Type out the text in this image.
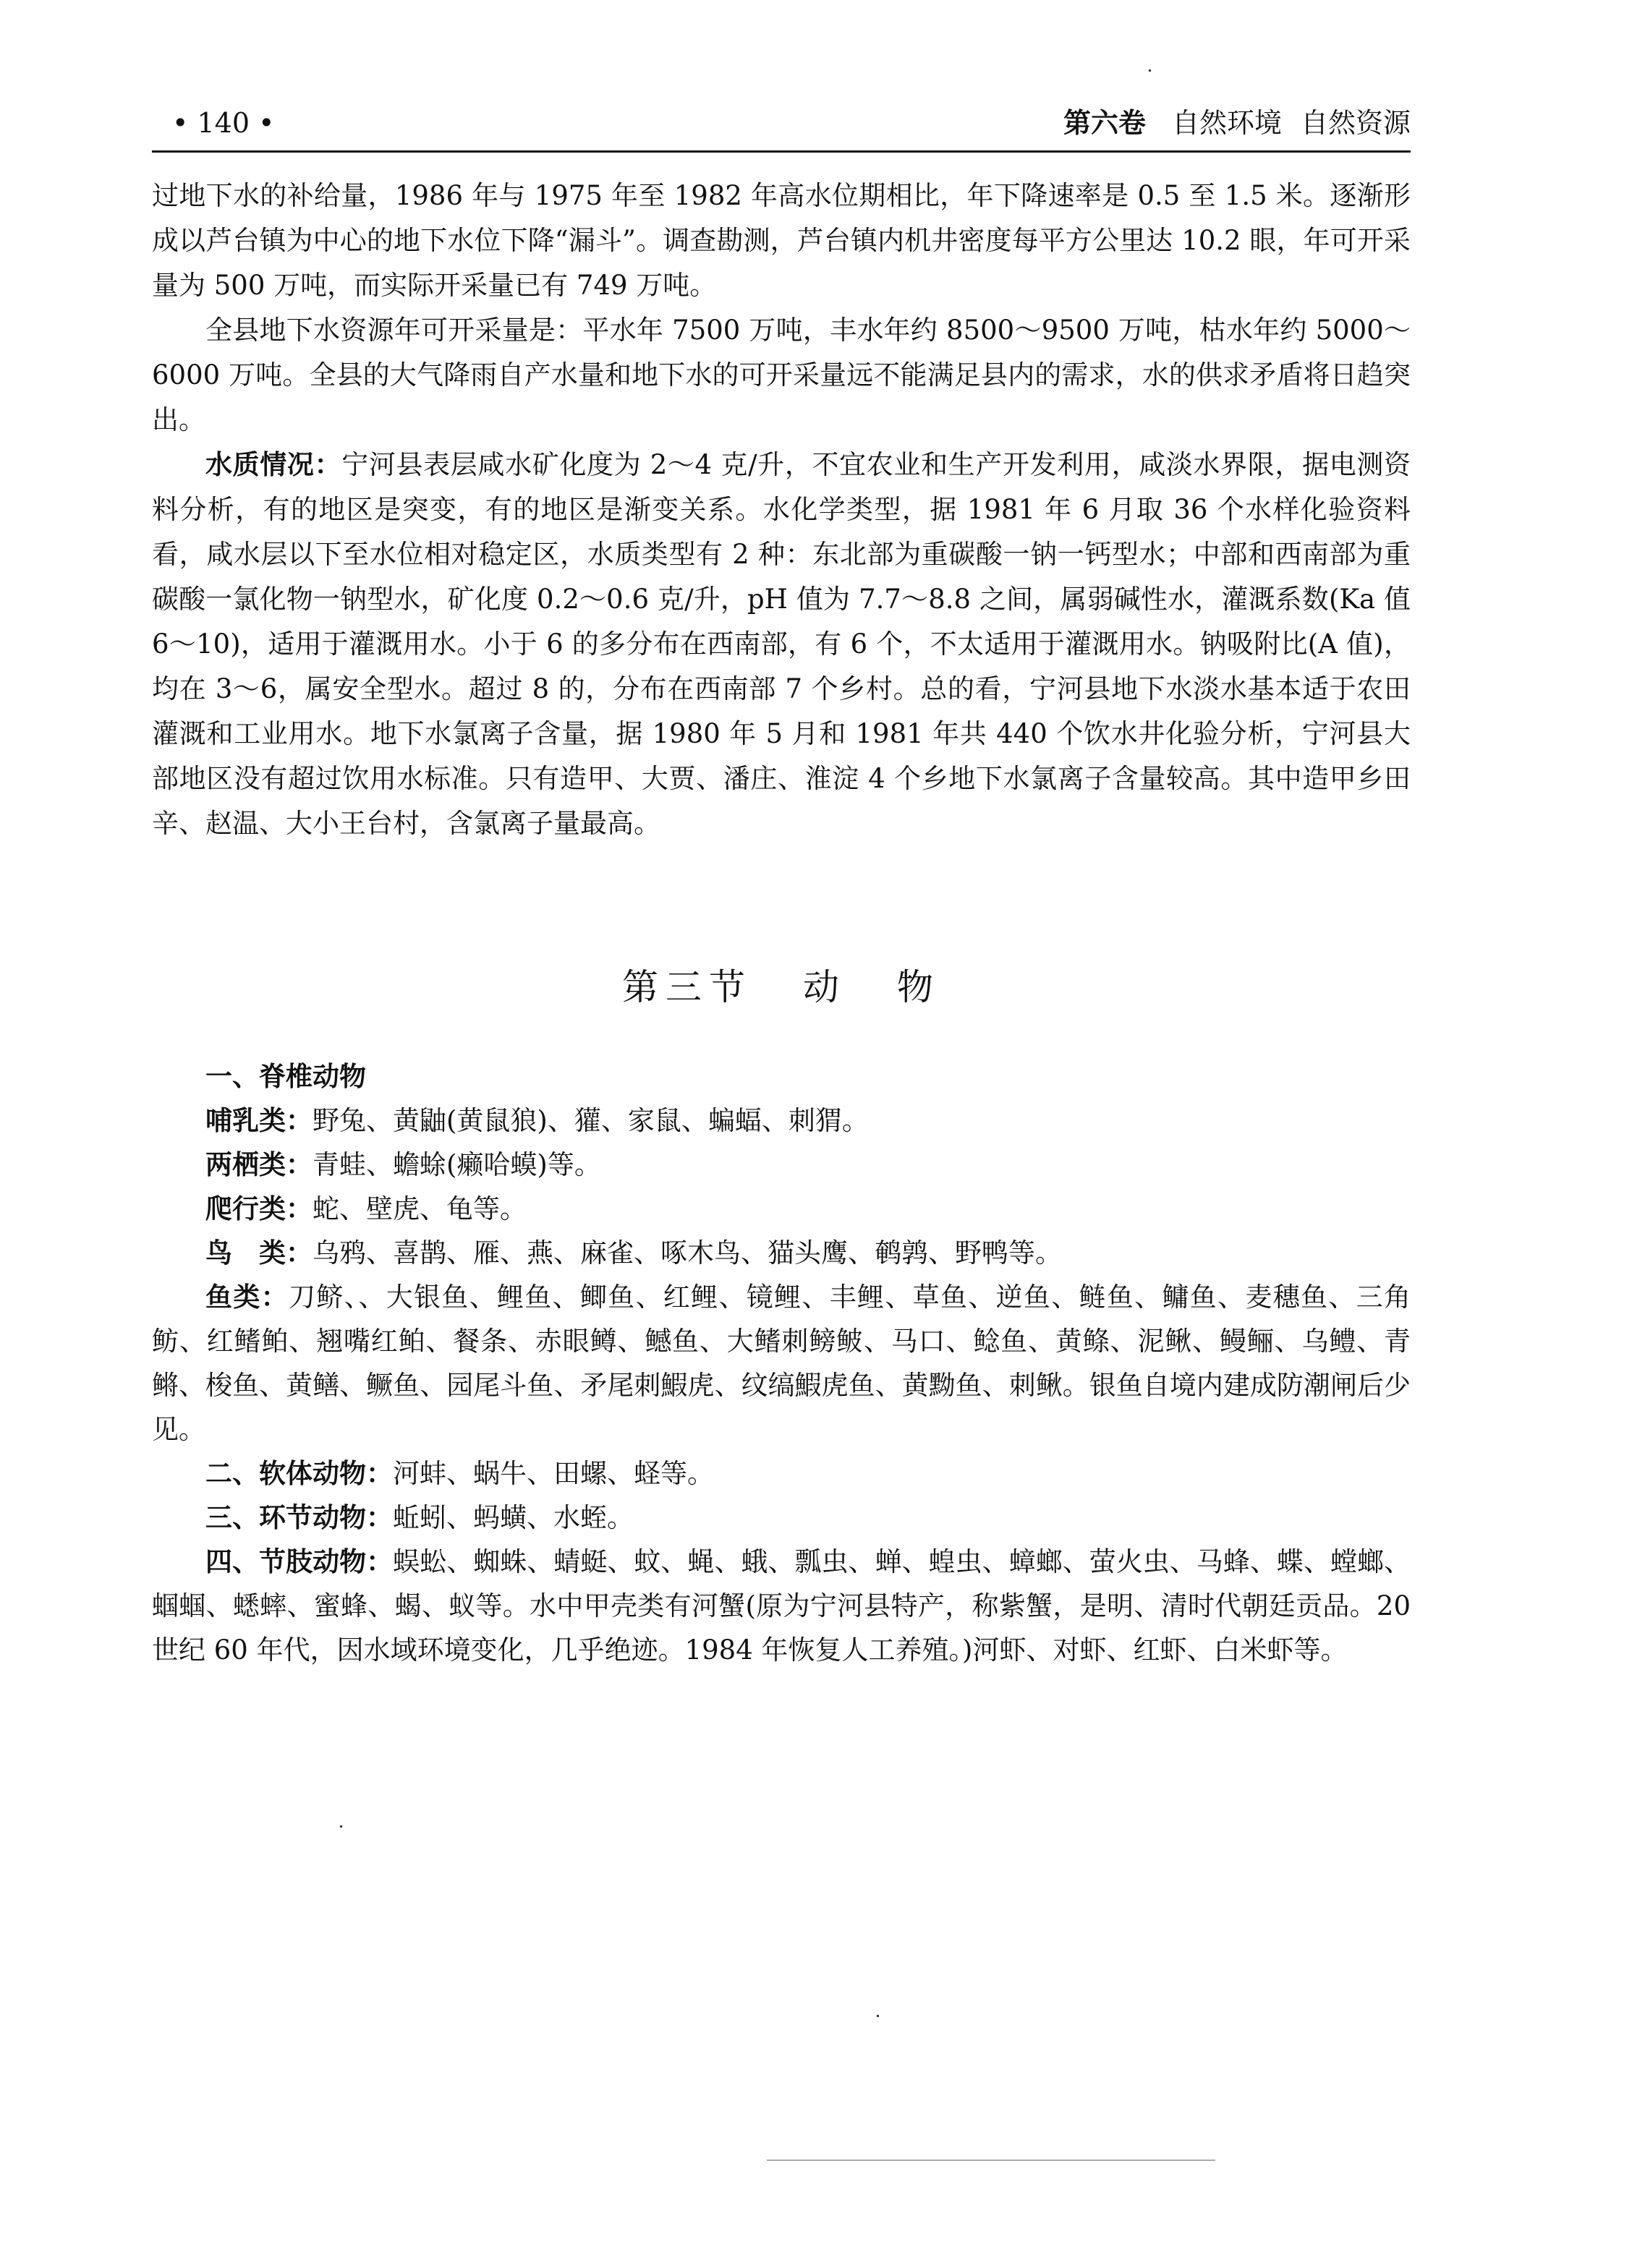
• 140 •	第六卷 自然环境 自然资源

过地下水的补给量，1986 年与 1975 年至 1982 年高水位期相比，年下降速率是 0.5 至 1.5 米。逐渐形成以芦台镇为中心的地下水位下降“漏斗”。调查勘测，芦台镇内机井密度每平方公里达 10.2 眼，年可开采量为 500 万吨，而实际开采量已有 749 万吨。

全县地下水资源年可开采量是：平水年 7500 万吨，丰水年约 8500～9500 万吨，枯水年约 5000～6000 万吨。全县的大气降雨自产水量和地下水的可开采量远不能满足县内的需求，水的供求矛盾将日趋突出。

水质情况：宁河县表层咸水矿化度为 2～4 克/升，不宜农业和生产开发利用，咸淡水界限，据电测资料分析，有的地区是突变，有的地区是渐变关系。水化学类型，据 1981 年 6 月取 36 个水样化验资料看，咸水层以下至水位相对稳定区，水质类型有 2 种：东北部为重碳酸一钠一钙型水；中部和西南部为重碳酸一氯化物一钠型水，矿化度 0.2～0.6 克/升，pH 值为 7.7～8.8 之间，属弱碱性水，灌溉系数(Ka 值 6～10)，适用于灌溉用水。小于 6 的多分布在西南部，有 6 个，不太适用于灌溉用水。钠吸附比(A 值)，均在 3～6，属安全型水。超过 8 的，分布在西南部 7 个乡村。总的看，宁河县地下水淡水基本适于农田灌溉和工业用水。地下水氯离子含量，据 1980 年 5 月和 1981 年共 440 个饮水井化验分析，宁河县大部地区没有超过饮用水标准。只有造甲、大贾、潘庄、淮淀 4 个乡地下水氯离子含量较高。其中造甲乡田辛、赵温、大小王台村，含氯离子量最高。

第三节 动 物

一、脊椎动物

哺乳类：野兔、黄鼬(黄鼠狼)、獾、家鼠、蝙蝠、刺猬。

两栖类：青蛙、蟾蜍(癞哈蟆)等。

爬行类：蛇、壁虎、龟等。

鸟　类：乌鸦、喜鹊、雁、燕、麻雀、啄木鸟、猫头鹰、鹌鹑、野鸭等。

鱼类：刀鲚、、大银鱼、鲤鱼、鲫鱼、红鲤、镜鲤、丰鲤、草鱼、逆鱼、鲢鱼、鳙鱼、麦穗鱼、三角鲂、红鳍鲌、翘嘴红鲌、餐条、赤眼鳟、鳡鱼、大鳍刺鳑鲏、马口、鲶鱼、黄鲦、泥鳅、鳗鲡、乌鳢、青鳉、梭鱼、黄鳝、鳜鱼、园尾斗鱼、矛尾刺鰕虎、纹缟鰕虎鱼、黄黝鱼、刺鳅。银鱼自境内建成防潮闸后少见。

二、软体动物：河蚌、蜗牛、田螺、蛏等。

三、环节动物：蚯蚓、蚂蟥、水蛭。

四、节肢动物：蜈蚣、蜘蛛、蜻蜓、蚊、蝇、蛾、瓢虫、蝉、蝗虫、蟑螂、萤火虫、马蜂、蝶、螳螂、蝈蝈、蟋蟀、蜜蜂、蝎、蚁等。水中甲壳类有河蟹(原为宁河县特产，称紫蟹，是明、清时代朝廷贡品。20 世纪 60 年代，因水域环境变化，几乎绝迹。1984 年恢复人工养殖。)河虾、对虾、红虾、白米虾等。
